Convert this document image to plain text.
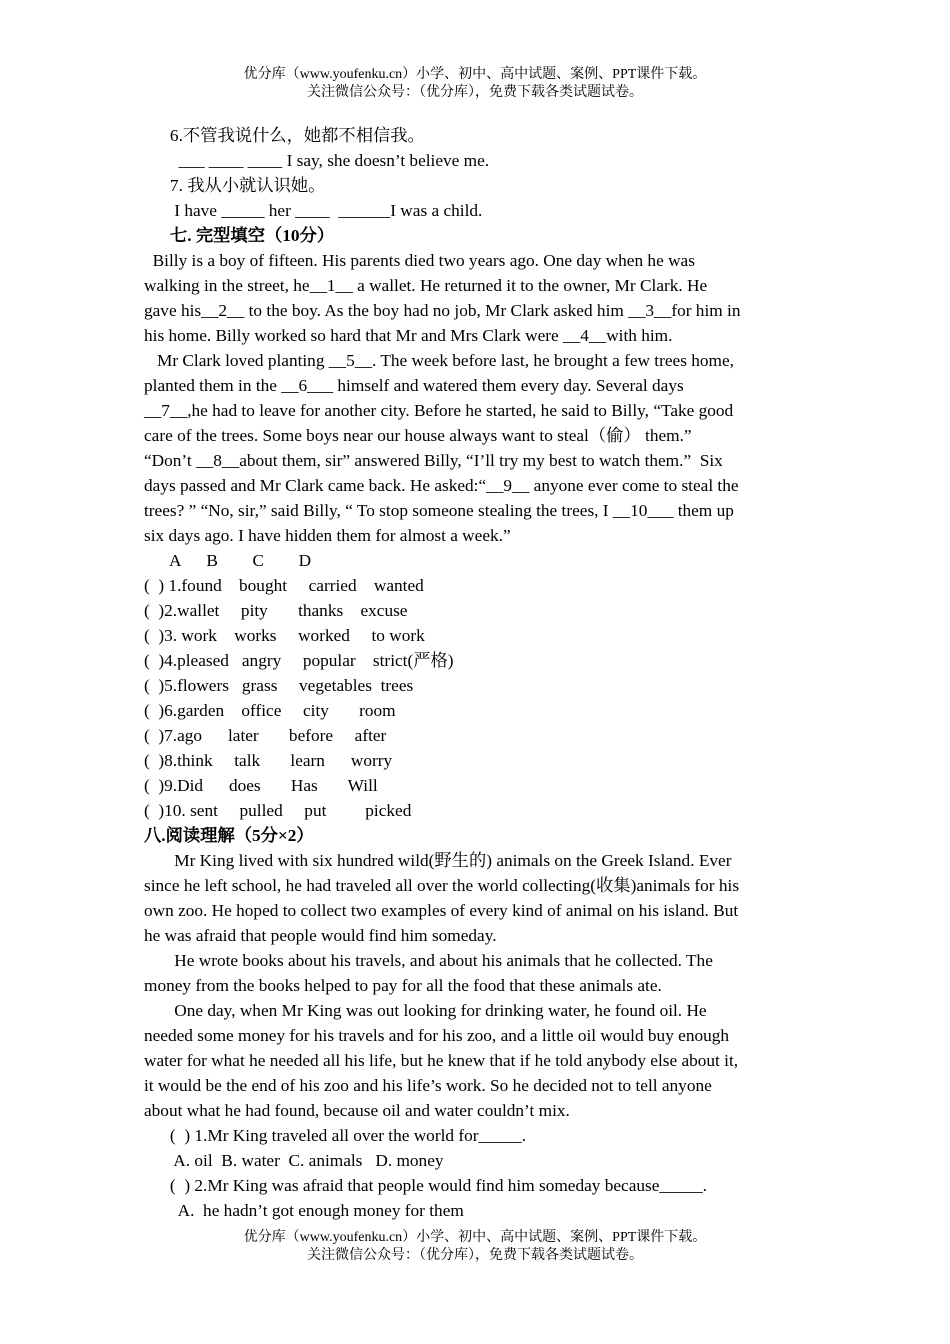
优分库（www.youfenku.cn）小学、初中、高中试题、案例、PPT课件下载。
关注微信公众号：（优分库），免费下载各类试题试卷。
6.不管我说什么，她都不相信我。
___ ____ ____ I say, she doesn’t believe me.
7. 我从小就认识她。
I have _____ her ____  ______I was a child.
七. 完型填空（10分）
Billy is a boy of fifteen. His parents died two years ago. One day when he was
walking in the street, he__1__ a wallet. He returned it to the owner, Mr Clark. He
gave his__2__ to the boy. As the boy had no job, Mr Clark asked him __3__for him in
his home. Billy worked so hard that Mr and Mrs Clark were __4__with him.
Mr Clark loved planting __5__. The week before last, he brought a few trees home,
planted them in the __6___ himself and watered them every day. Several days
__7__,he had to leave for another city. Before he started, he said to Billy, “Take good
care of the trees. Some boys near our house always want to steal（偷） them.”
“Don’t __8__about them, sir” answered Billy, “I’ll try my best to watch them.”  Six
days passed and Mr Clark came back. He asked:“__9__ anyone ever come to steal the
trees? ” “No, sir,” said Billy, “ To stop someone stealing the trees, I __10___ them up
six days ago. I have hidden them for almost a week.”
A      B        C        D
(  ) 1.found    bought     carried    wanted
(  )2.wallet     pity       thanks    excuse
(  )3. work    works     worked     to work
(  )4.pleased   angry     popular    strict(严格)
(  )5.flowers   grass     vegetables  trees
(  )6.garden    office     city       room
(  )7.ago      later       before     after
(  )8.think     talk       learn      worry
(  )9.Did      does       Has       Will
(  )10. sent     pulled     put         picked
八.阅读理解（5分×2）
Mr King lived with six hundred wild(野生的) animals on the Greek Island. Ever
since he left school, he had traveled all over the world collecting(收集)animals for his
own zoo. He hoped to collect two examples of every kind of animal on his island. But
he was afraid that people would find him someday.
He wrote books about his travels, and about his animals that he collected. The
money from the books helped to pay for all the food that these animals ate.
One day, when Mr King was out looking for drinking water, he found oil. He
needed some money for his travels and for his zoo, and a little oil would buy enough
water for what he needed all his life, but he knew that if he told anybody else about it,
it would be the end of his zoo and his life’s work. So he decided not to tell anyone
about what he had found, because oil and water couldn’t mix.
(  ) 1.Mr King traveled all over the world for_____.
A. oil  B. water  C. animals   D. money
(  ) 2.Mr King was afraid that people would find him someday because_____.
A.  he hadn’t got enough money for them
优分库（www.youfenku.cn）小学、初中、高中试题、案例、PPT课件下载。
关注微信公众号：（优分库），免费下载各类试题试卷。
